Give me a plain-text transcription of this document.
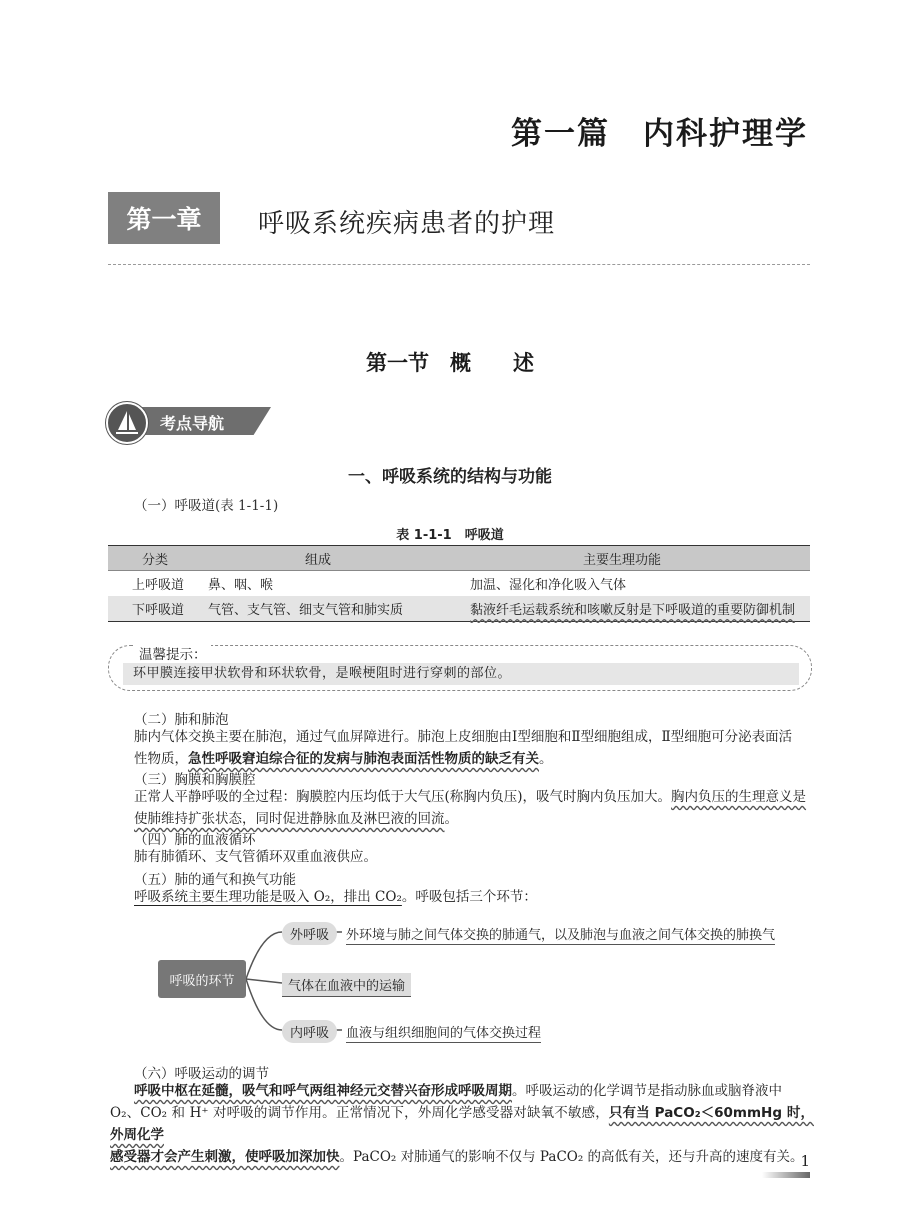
第一篇　内科护理学
第一章	呼吸系统疾病患者的护理
第一节　概　　述
考点导航
一、呼吸系统的结构与功能
（一）呼吸道(表 1-1-1)
表 1-1-1　呼吸道
分类	组成	主要生理功能
上呼吸道	鼻、咽、喉	加温、湿化和净化吸入气体
下呼吸道	气管、支气管、细支气管和肺实质	黏液纤毛运载系统和咳嗽反射是下呼吸道的重要防御机制
温馨提示：
环甲膜连接甲状软骨和环状软骨，是喉梗阻时进行穿刺的部位。
（二）肺和肺泡
肺内气体交换主要在肺泡，通过气血屏障进行。肺泡上皮细胞由Ⅰ型细胞和Ⅱ型细胞组成，Ⅱ型细胞可分泌表面活
性物质，急性呼吸窘迫综合征的发病与肺泡表面活性物质的缺乏有关。
（三）胸膜和胸膜腔
正常人平静呼吸的全过程：胸膜腔内压均低于大气压(称胸内负压)，吸气时胸内负压加大。胸内负压的生理意义是
使肺维持扩张状态，同时促进静脉血及淋巴液的回流。
（四）肺的血液循环
肺有肺循环、支气管循环双重血液供应。
（五）肺的通气和换气功能
呼吸系统主要生理功能是吸入 O₂，排出 CO₂。呼吸包括三个环节：
呼吸的环节
外呼吸	外环境与肺之间气体交换的肺通气，以及肺泡与血液之间气体交换的肺换气
气体在血液中的运输
内呼吸	血液与组织细胞间的气体交换过程
（六）呼吸运动的调节
呼吸中枢在延髓，吸气和呼气两组神经元交替兴奋形成呼吸周期。呼吸运动的化学调节是指动脉血或脑脊液中
O₂、CO₂ 和 H⁺ 对呼吸的调节作用。正常情况下，外周化学感受器对缺氧不敏感，只有当 PaCO₂＜60mmHg 时，外周化学
感受器才会产生刺激，使呼吸加深加快。PaCO₂ 对肺通气的影响不仅与 PaCO₂ 的高低有关，还与升高的速度有关。
1
